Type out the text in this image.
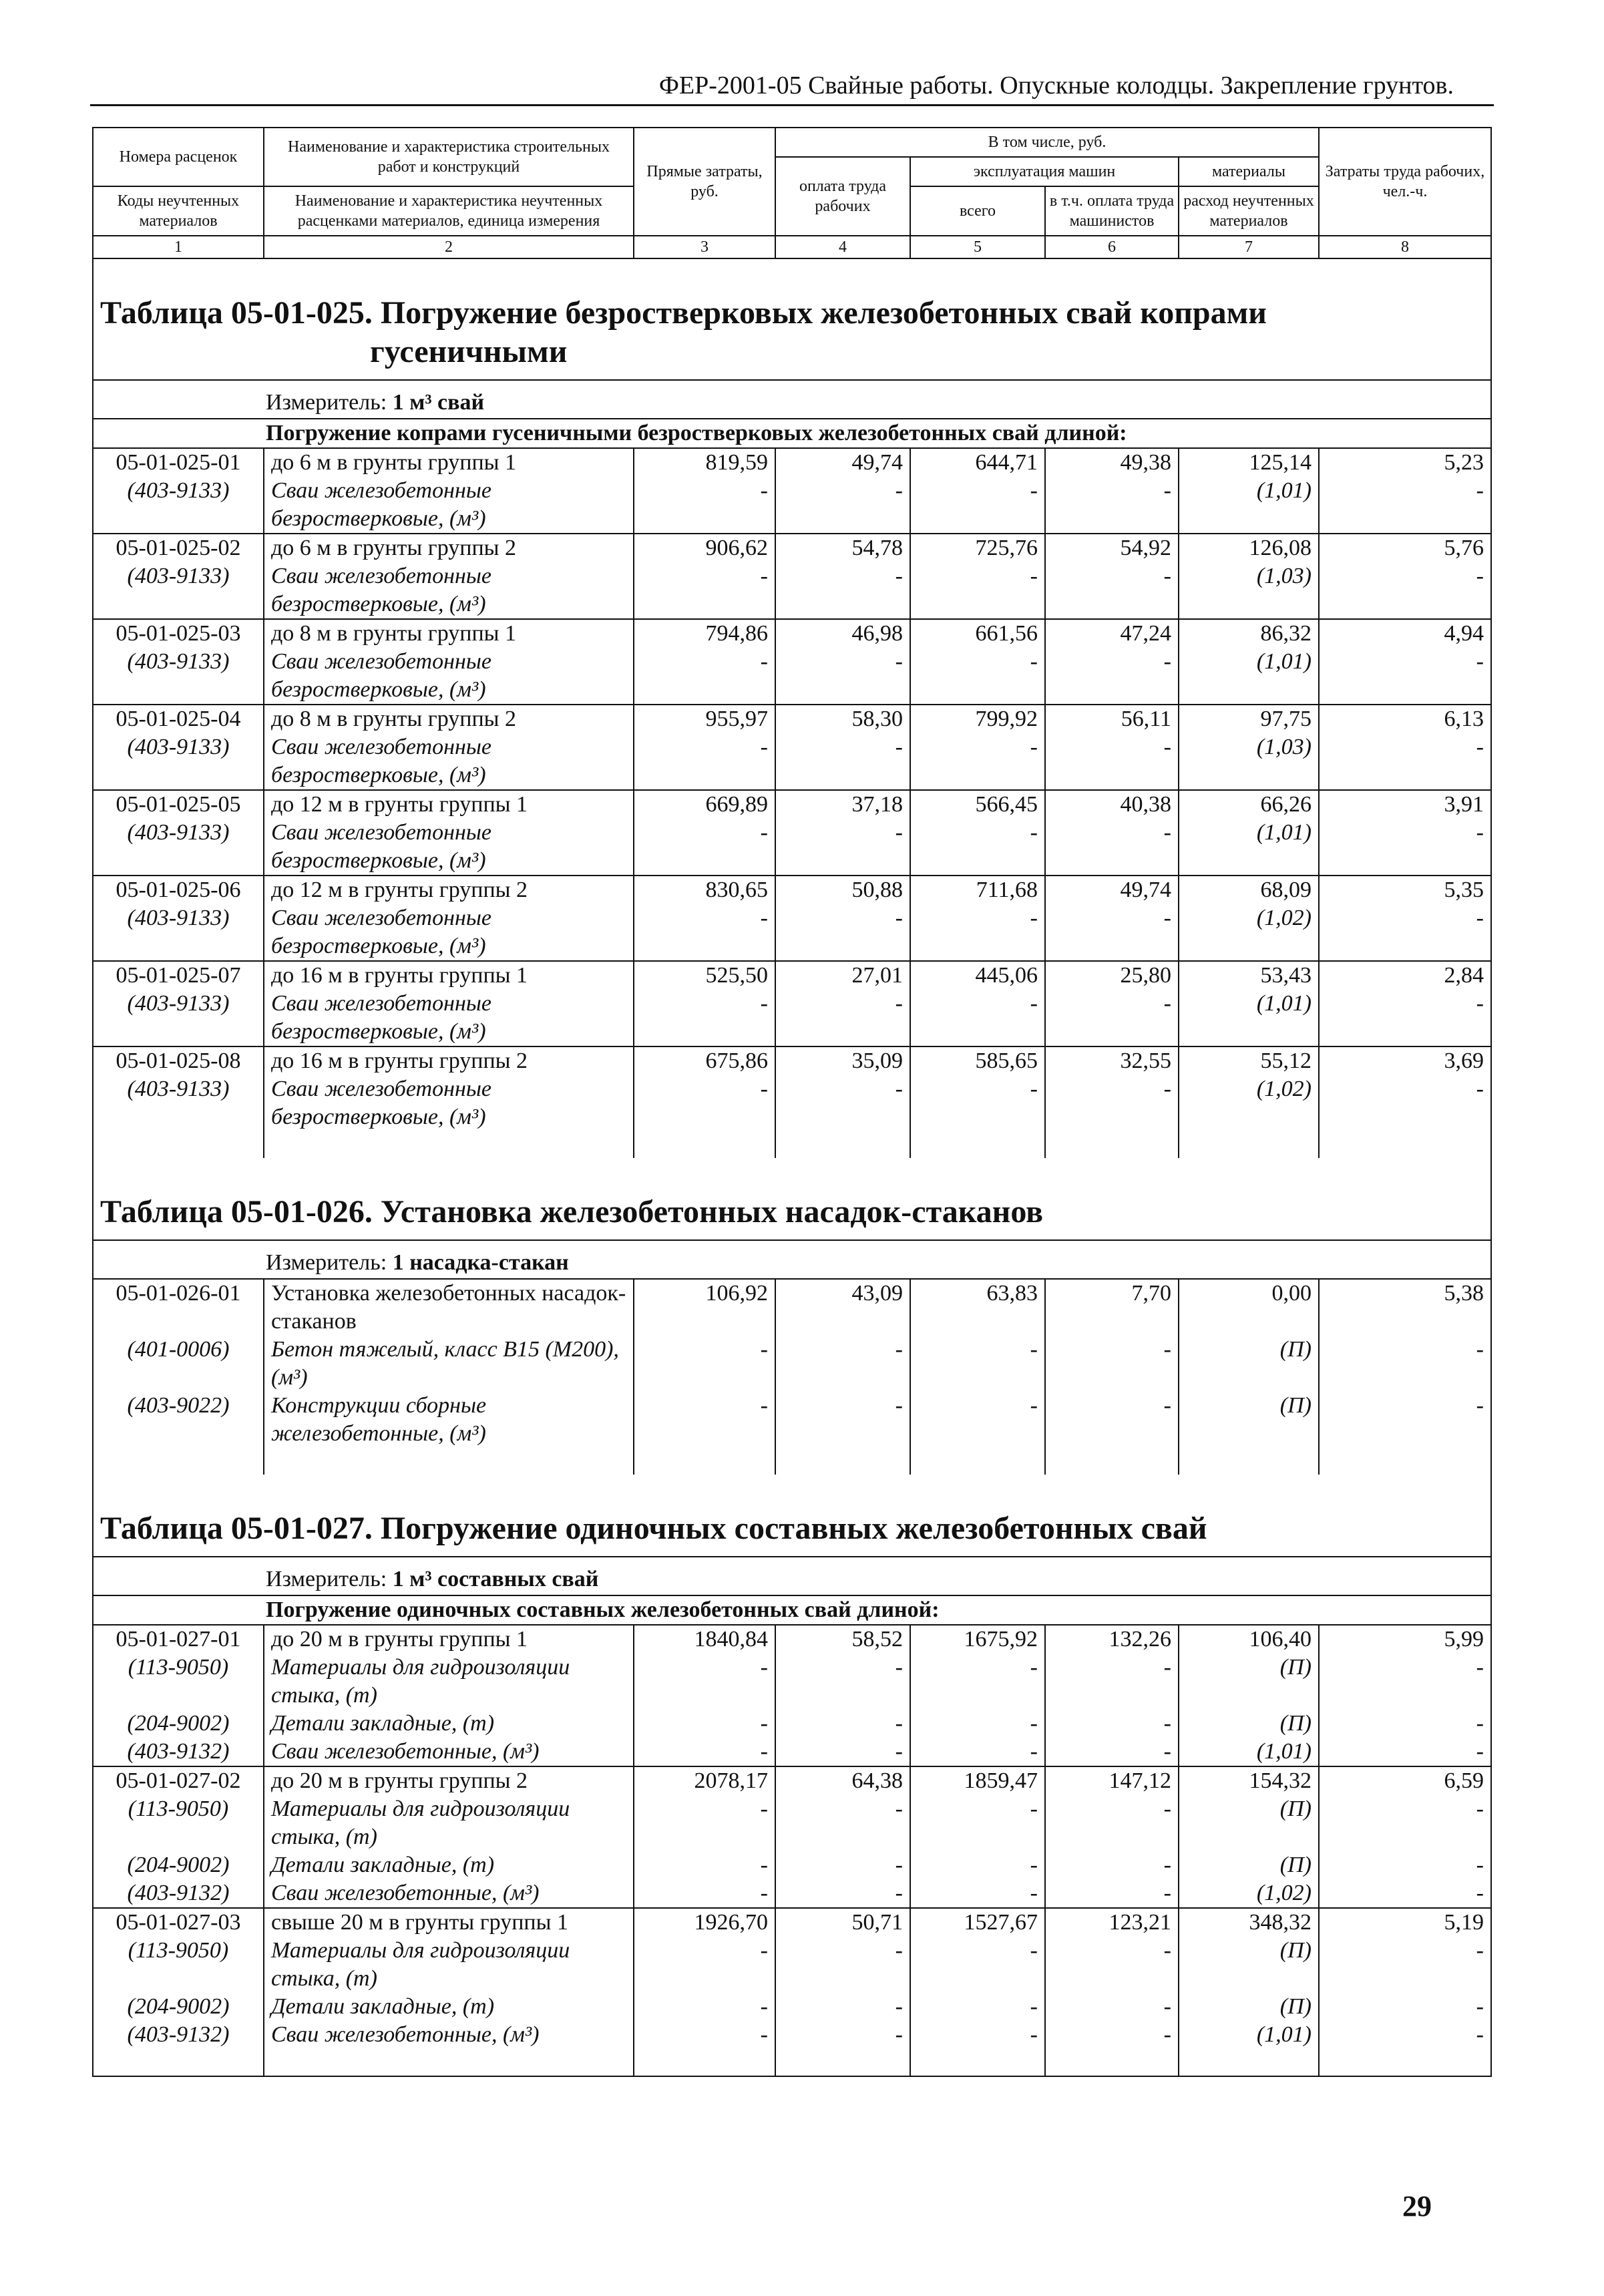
ФЕР-2001-05 Свайные работы. Опускные колодцы. Закрепление грунтов.
Номера расценок	Наименование и характеристика строительных работ и конструкций	Прямые затраты, руб.	В том числе, руб.				Затраты труда рабочих, чел.-ч.
			оплата труда рабочих	эксплуатация машин		материалы	
Коды неучтенных материалов	Наименование и характеристика неучтенных расценками материалов, единица измерения			всего	в т.ч. оплата труда машинистов	расход неучтенных материалов	

1	2	3	4	5	6	7	8
Таблица 05-01-025. Погружение безростверковых железобетонных свай копрами
гусеничными							

Измеритель: 1 м³ свай							
Погружение копрами гусеничными безростверковых железобетонных свай длиной:							
05-01-025-01	до 6 м в грунты группы 1	819,59	49,74	644,71	49,38	125,14	5,23
(403-9133)	Сваи железобетонные безростверковые, (м³)	-	-	-	-	(1,01)	-
05-01-025-02	до 6 м в грунты группы 2	906,62	54,78	725,76	54,92	126,08	5,76
(403-9133)	Сваи железобетонные безростверковые, (м³)	-	-	-	-	(1,03)	-
05-01-025-03	до 8 м в грунты группы 1	794,86	46,98	661,56	47,24	86,32	4,94
(403-9133)	Сваи железобетонные безростверковые, (м³)	-	-	-	-	(1,01)	-
05-01-025-04	до 8 м в грунты группы 2	955,97	58,30	799,92	56,11	97,75	6,13
(403-9133)	Сваи железобетонные безростверковые, (м³)	-	-	-	-	(1,03)	-
05-01-025-05	до 12 м в грунты группы 1	669,89	37,18	566,45	40,38	66,26	3,91
(403-9133)	Сваи железобетонные безростверковые, (м³)	-	-	-	-	(1,01)	-
05-01-025-06	до 12 м в грунты группы 2	830,65	50,88	711,68	49,74	68,09	5,35
(403-9133)	Сваи железобетонные безростверковые, (м³)	-	-	-	-	(1,02)	-
05-01-025-07	до 16 м в грунты группы 1	525,50	27,01	445,06	25,80	53,43	2,84
(403-9133)	Сваи железобетонные безростверковые, (м³)	-	-	-	-	(1,01)	-
05-01-025-08	до 16 м в грунты группы 2	675,86	35,09	585,65	32,55	55,12	3,69
(403-9133)	Сваи железобетонные безростверковые, (м³)	-	-	-	-	(1,02)	-

Таблица 05-01-026. Установка железобетонных насадок-стаканов							
Измеритель: 1 насадка-стакан							
05-01-026-01	Установка железобетонных насадок-стаканов	106,92	43,09	63,83	7,70	0,00	5,38
(401-0006)	Бетон тяжелый, класс В15 (М200), (м³)	-	-	-	-	(П)	-
(403-9022)	Конструкции сборные железобетонные, (м³)	-	-	-	-	(П)	-

Таблица 05-01-027. Погружение одиночных составных железобетонных свай							
Измеритель: 1 м³ составных свай							
Погружение одиночных составных железобетонных свай длиной:							
05-01-027-01	до 20 м в грунты группы 1	1840,84	58,52	1675,92	132,26	106,40	5,99
(113-9050)	Материалы для гидроизоляции стыка, (т)	-	-	-	-	(П)	-
(204-9002)	Детали закладные, (т)	-	-	-	-	(П)	-
(403-9132)	Сваи железобетонные, (м³)	-	-	-	-	(1,01)	-
05-01-027-02	до 20 м в грунты группы 2	2078,17	64,38	1859,47	147,12	154,32	6,59
(113-9050)	Материалы для гидроизоляции стыка, (т)	-	-	-	-	(П)	-
(204-9002)	Детали закладные, (т)	-	-	-	-	(П)	-
(403-9132)	Сваи железобетонные, (м³)	-	-	-	-	(1,02)	-
05-01-027-03	свыше 20 м в грунты группы 1	1926,70	50,71	1527,67	123,21	348,32	5,19
(113-9050)	Материалы для гидроизоляции стыка, (т)	-	-	-	-	(П)	-
(204-9002)	Детали закладные, (т)	-	-	-	-	(П)	-
(403-9132)	Сваи железобетонные, (м³)	-	-	-	-	(1,01)	-

29
